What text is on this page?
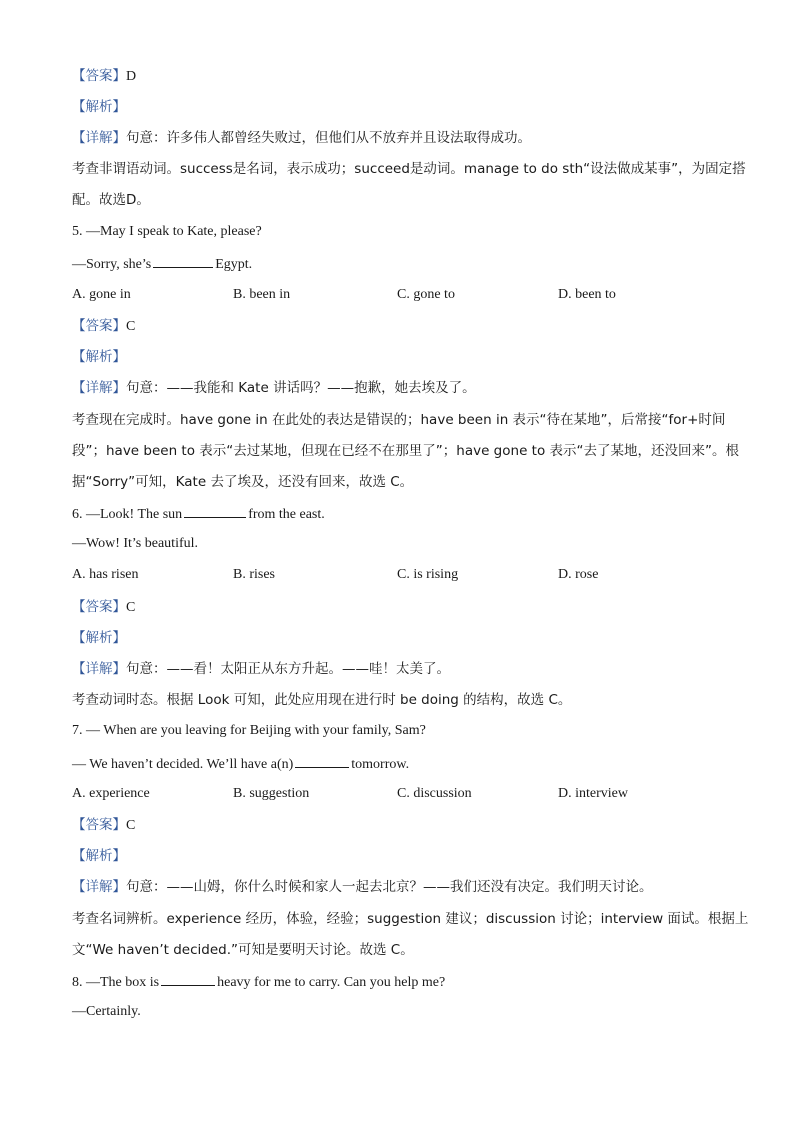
【答案】D
【解析】
【详解】句意：许多伟人都曾经失败过，但他们从不放弃并且设法取得成功。
考查非谓语动词。success是名词，表示成功；succeed是动词。manage to do sth“设法做成某事”，为固定搭
配。故选D。
5. —May I speak to Kate, please?
—Sorry, she’s	Egypt.
A. gone in	B. been in	C. gone to	D. been to
【答案】C
【解析】
【详解】句意：——我能和 Kate 讲话吗？——抱歉，她去埃及了。
考查现在完成时。have gone in 在此处的表达是错误的；have been in 表示“待在某地”，后常接“for+时间
段”；have been to 表示“去过某地，但现在已经不在那里了”；have gone to 表示“去了某地，还没回来”。根
据“Sorry”可知，Kate 去了埃及，还没有回来，故选 C。
6. —Look! The sun	from the east.
—Wow! It’s beautiful.
A. has risen	B. rises	C. is rising	D. rose
【答案】C
【解析】
【详解】句意：——看！太阳正从东方升起。——哇！太美了。
考查动词时态。根据 Look 可知，此处应用现在进行时 be doing 的结构，故选 C。
7. — When are you leaving for Beijing with your family, Sam?
— We haven’t decided. We’ll have a(n)	tomorrow.
A. experience	B. suggestion	C. discussion	D. interview
【答案】C
【解析】
【详解】句意：——山姆，你什么时候和家人一起去北京？——我们还没有决定。我们明天讨论。
考查名词辨析。experience 经历，体验，经验；suggestion 建议；discussion 讨论；interview 面试。根据上
文“We haven’t decided.”可知是要明天讨论。故选 C。
8. —The box is	heavy for me to carry. Can you help me?
—Certainly.
